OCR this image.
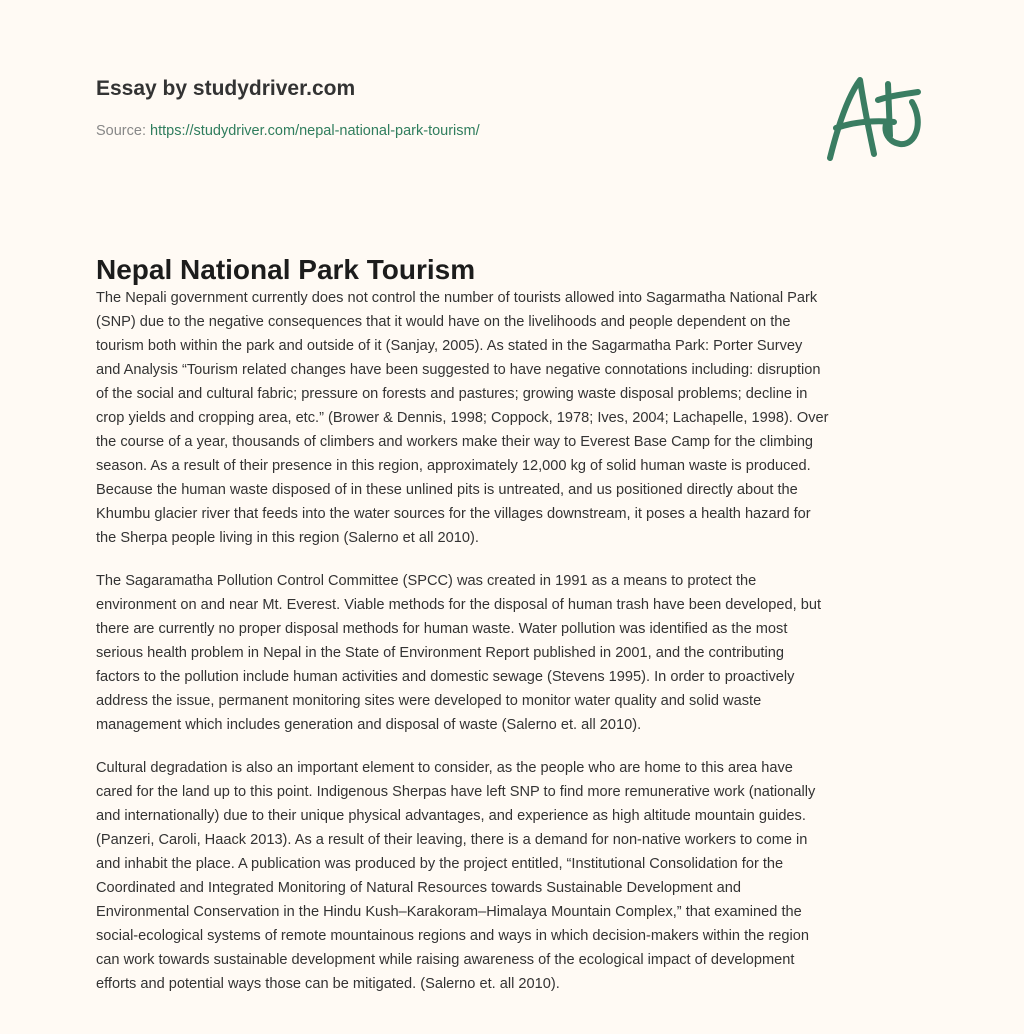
Essay by studydriver.com
Source: https://studydriver.com/nepal-national-park-tourism/
Nepal National Park Tourism
The Nepali government currently does not control the number of tourists allowed into Sagarmatha National Park
(SNP) due to the negative consequences that it would have on the livelihoods and people dependent on the
tourism both within the park and outside of it (Sanjay, 2005). As stated in the Sagarmatha Park: Porter Survey
and Analysis “Tourism related changes have been suggested to have negative connotations including: disruption
of the social and cultural fabric; pressure on forests and pastures; growing waste disposal problems; decline in
crop yields and cropping area, etc.” (Brower & Dennis, 1998; Coppock, 1978; Ives, 2004; Lachapelle, 1998). Over
the course of a year, thousands of climbers and workers make their way to Everest Base Camp for the climbing
season. As a result of their presence in this region, approximately 12,000 kg of solid human waste is produced.
Because the human waste disposed of in these unlined pits is untreated, and us positioned directly about the
Khumbu glacier river that feeds into the water sources for the villages downstream, it poses a health hazard for
the Sherpa people living in this region (Salerno et all 2010).
The Sagaramatha Pollution Control Committee (SPCC) was created in 1991 as a means to protect the
environment on and near Mt. Everest. Viable methods for the disposal of human trash have been developed, but
there are currently no proper disposal methods for human waste. Water pollution was identified as the most
serious health problem in Nepal in the State of Environment Report published in 2001, and the contributing
factors to the pollution include human activities and domestic sewage (Stevens 1995). In order to proactively
address the issue, permanent monitoring sites were developed to monitor water quality and solid waste
management which includes generation and disposal of waste (Salerno et. all 2010).
Cultural degradation is also an important element to consider, as the people who are home to this area have
cared for the land up to this point. Indigenous Sherpas have left SNP to find more remunerative work (nationally
and internationally) due to their unique physical advantages, and experience as high altitude mountain guides.
(Panzeri, Caroli, Haack 2013). As a result of their leaving, there is a demand for non-native workers to come in
and inhabit the place. A publication was produced by the project entitled, “Institutional Consolidation for the
Coordinated and Integrated Monitoring of Natural Resources towards Sustainable Development and
Environmental Conservation in the Hindu Kush–Karakoram–Himalaya Mountain Complex,” that examined the
social-ecological systems of remote mountainous regions and ways in which decision-makers within the region
can work towards sustainable development while raising awareness of the ecological impact of development
efforts and potential ways those can be mitigated. (Salerno et. all 2010).
